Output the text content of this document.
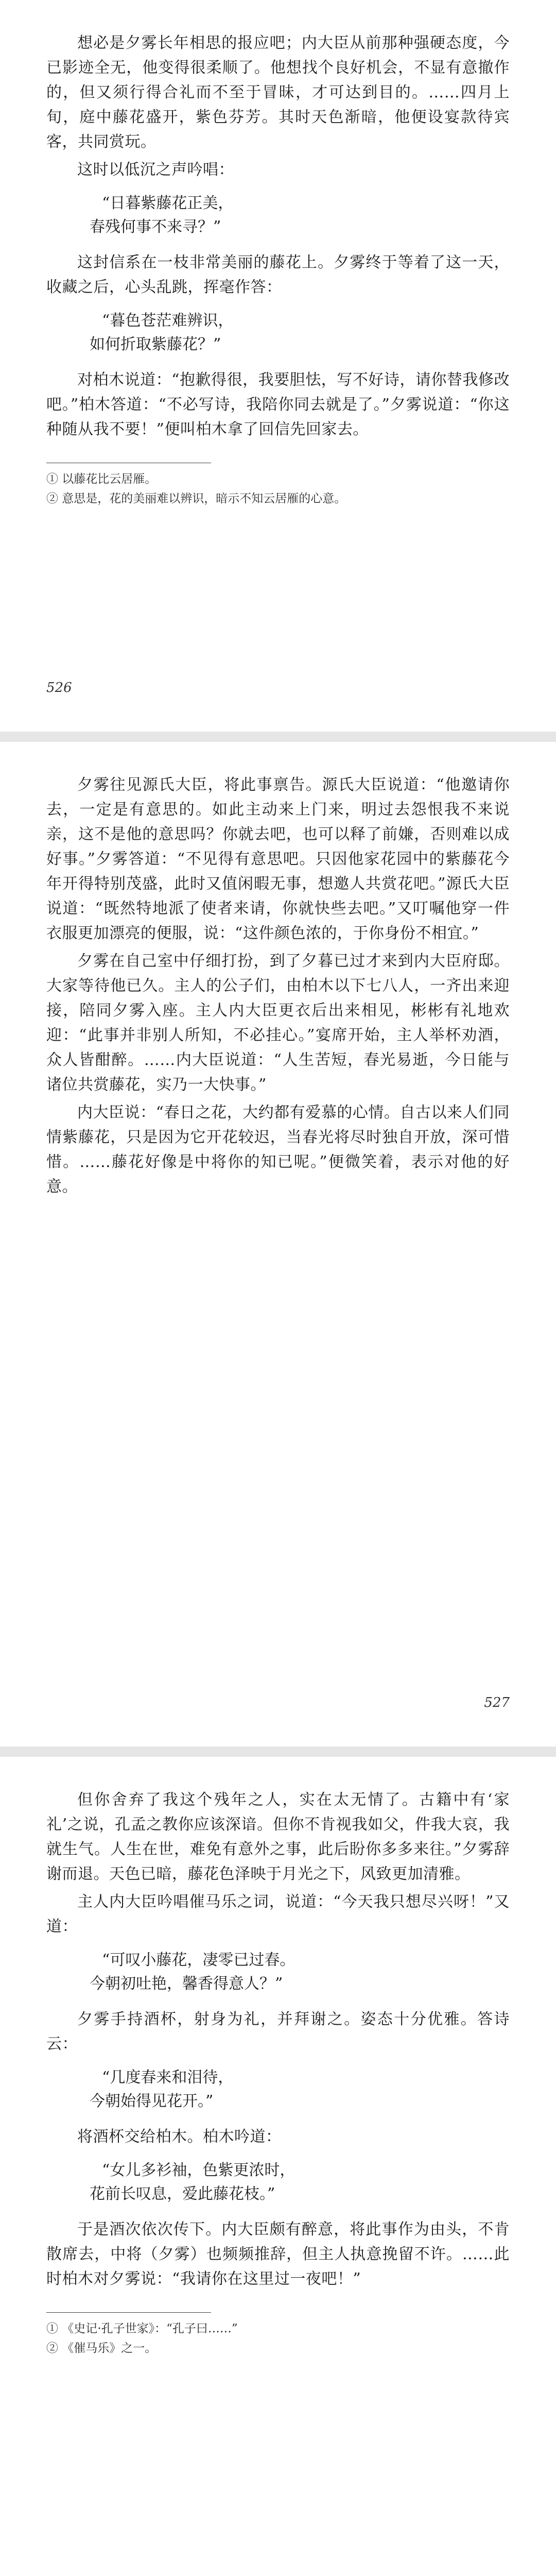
想必是夕雾长年相思的报应吧；内大臣从前那种强硬态度，今已影迹全无，他变得很柔顺了。他想找个良好机会，不显有意撤作的，但又须行得合礼而不至于冒昧，才可达到目的。……四月上旬，庭中藤花盛开，紫色芬芳。其时天色渐暗，他便设宴款待宾客，共同赏玩。

这时以低沉之声吟唱：

“日暮紫藤花正美，
春残何事不来寻？”

这封信系在一枝非常美丽的藤花上。夕雾终于等着了这一天，收藏之后，心头乱跳，挥毫作答：

“暮色苍茫难辨识，
如何折取紫藤花？”

对柏木说道：“抱歉得很，我要胆怯，写不好诗，请你替我修改吧。”柏木答道：“不必写诗，我陪你同去就是了。”夕雾说道：“你这种随从我不要！”便叫柏木拿了回信先回家去。

① 以藤花比云居雁。

② 意思是，花的美丽难以辨识，暗示不知云居雁的心意。

526

夕雾往见源氏大臣，将此事禀告。源氏大臣说道：“他邀请你去，一定是有意思的。如此主动来上门来，明过去怨恨我不来说亲，这不是他的意思吗？你就去吧，也可以释了前嫌，否则难以成好事。”夕雾答道：“不见得有意思吧。只因他家花园中的紫藤花今年开得特别茂盛，此时又值闲暇无事，想邀人共赏花吧。”源氏大臣说道：“既然特地派了使者来请，你就快些去吧。”又叮嘱他穿一件衣服更加漂亮的便服，说：“这件颜色浓的，于你身份不相宜。”

夕雾在自己室中仔细打扮，到了夕暮已过才来到内大臣府邸。大家等待他已久。主人的公子们，由柏木以下七八人，一齐出来迎接，陪同夕雾入座。主人内大臣更衣后出来相见，彬彬有礼地欢迎：“此事并非别人所知，不必挂心。”宴席开始，主人举杯劝酒，众人皆酣醉。……内大臣说道：“人生苦短，春光易逝，今日能与诸位共赏藤花，实乃一大快事。”

内大臣说：“春日之花，大约都有爱慕的心情。自古以来人们同情紫藤花，只是因为它开花较迟，当春光将尽时独自开放，深可惜惜。……藤花好像是中将你的知已呢。”便微笑着，表示对他的好意。

527

但你舍弃了我这个残年之人，实在太无情了。古籍中有‘家礼’之说，孔孟之教你应该深谙。但你不肯视我如父，件我大哀，我就生气。人生在世，难免有意外之事，此后盼你多多来往。”夕雾辞谢而退。天色已暗，藤花色泽映于月光之下，风致更加清雅。

主人内大臣吟唱催马乐之词，说道：“今天我只想尽兴呀！”又道：

“可叹小藤花，凄零已过春。
今朝初吐艳，馨香得意人？”

夕雾手持酒杯，射身为礼，并拜谢之。姿态十分优雅。答诗云：

“几度春来和泪待，
今朝始得见花开。”

将酒杯交给柏木。柏木吟道：

“女儿多衫袖，色紫更浓时，
花前长叹息，爱此藤花枝。”

于是酒次依次传下。内大臣颇有醉意，将此事作为由头，不肯散席去，中将（夕雾）也频频推辞，但主人执意挽留不许。……此时柏木对夕雾说：“我请你在这里过一夜吧！”

① 《史记·孔子世家》：“孔子曰……”

② 《催马乐》之一。
